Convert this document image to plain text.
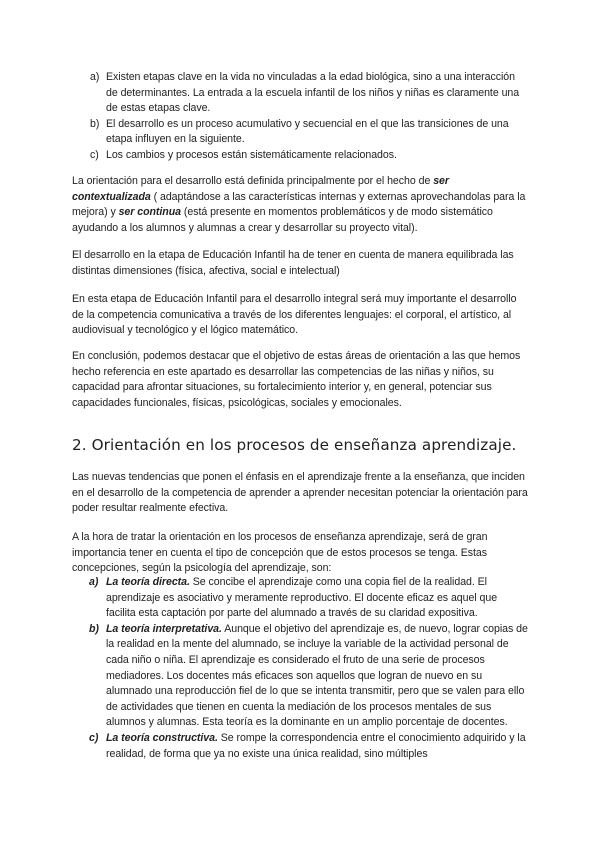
a) Existen etapas clave en la vida no vinculadas a la edad biológica, sino a una interacción de determinantes. La entrada a la escuela infantil de los niños y niñas es claramente una de estas etapas clave.
b) El desarrollo es un proceso acumulativo y secuencial en el que las transiciones de una etapa influyen en la siguiente.
c) Los cambios y procesos están sistemáticamente relacionados.

La orientación para el desarrollo está definida principalmente por el hecho de ser contextualizada ( adaptándose a las características internas y externas aprovechandolas para la mejora) y ser continua (está presente en momentos problemáticos y de modo sistemático ayudando a los alumnos y alumnas a crear y desarrollar su proyecto vital).

El desarrollo en la etapa de Educación Infantil ha de tener en cuenta de manera equilibrada las distintas dimensiones (física, afectiva, social e intelectual)

En esta etapa de Educación Infantil para el desarrollo integral será muy importante el desarrollo de la competencia comunicativa a través de los diferentes lenguajes: el corporal, el artístico, al audiovisual y tecnológico y el lógico matemático.

En conclusión, podemos destacar que el objetivo de estas áreas de orientación a las que hemos hecho referencia en este apartado es desarrollar las competencias de las niñas y niños, su capacidad para afrontar situaciones, su fortalecimiento interior y, en general, potenciar sus capacidades funcionales, físicas, psicológicas, sociales y emocionales.

2. Orientación en los procesos de enseñanza aprendizaje.

Las nuevas tendencias que ponen el énfasis en el aprendizaje frente a la enseñanza, que inciden en el desarrollo de la competencia de aprender a aprender necesitan potenciar la orientación para poder resultar realmente efectiva.

A la hora de tratar la orientación en los procesos de enseñanza aprendizaje, será de gran importancia tener en cuenta el tipo de concepción que de estos procesos se tenga. Estas concepciones, según la psicología del aprendizaje, son:

a) La teoría directa. Se concibe el aprendizaje como una copia fiel de la realidad. El aprendizaje es asociativo y meramente reproductivo. El docente eficaz es aquel que facilita esta captación por parte del alumnado a través de su claridad expositiva.
b) La teoría interpretativa. Aunque el objetivo del aprendizaje es, de nuevo, lograr copias de la realidad en la mente del alumnado, se incluye la variable de la actividad personal de cada niño o niña. El aprendizaje es considerado el fruto de una serie de procesos mediadores. Los docentes más eficaces son aquellos que logran de nuevo en su alumnado una reproducción fiel de lo que se intenta transmitir, pero que se valen para ello de actividades que tienen en cuenta la mediación de los procesos mentales de sus alumnos y alumnas. Esta teoría es la dominante en un amplio porcentaje de docentes.
c) La teoría constructiva. Se rompe la correspondencia entre el conocimiento adquirido y la realidad, de forma que ya no existe una única realidad, sino múltiples
